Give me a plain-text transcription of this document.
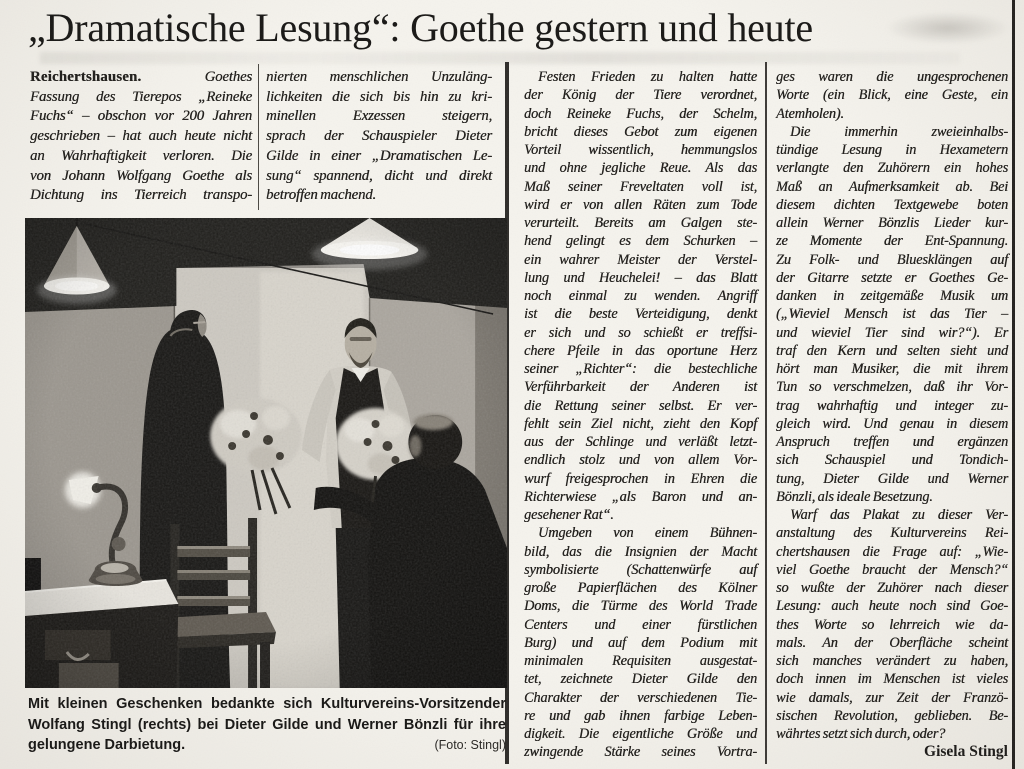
„Dramatische Lesung“: Goethe gestern und heute
Reichertshausen.	Goethes
Fassung des Tierepos „Reineke
Fuchs“ – obschon vor 200 Jahren
geschrieben – hat auch heute nicht
an Wahrhaftigkeit verloren. Die
von Johann Wolfgang Goethe als
Dichtung ins Tierreich transpo-
nierten menschlichen Unzuläng-
lichkeiten die sich bis hin zu kri-
minellen Exzessen steigern,
sprach der Schauspieler Dieter
Gilde in einer „Dramatischen Le-
sung“ spannend, dicht und direkt
betroffen machend.
Festen Frieden zu halten hatte
der König der Tiere verordnet,
doch Reineke Fuchs, der Schelm,
bricht dieses Gebot zum eigenen
Vorteil wissentlich, hemmungslos
und ohne jegliche Reue. Als das
Maß seiner Freveltaten voll ist,
wird er von allen Räten zum Tode
verurteilt. Bereits am Galgen ste-
hend gelingt es dem Schurken –
ein wahrer Meister der Verstel-
lung und Heuchelei! – das Blatt
noch einmal zu wenden. Angriff
ist die beste Verteidigung, denkt
er sich und so schießt er treffsi-
chere Pfeile in das oportune Herz
seiner „Richter“: die bestechliche
Verführbarkeit der Anderen ist
die Rettung seiner selbst. Er ver-
fehlt sein Ziel nicht, zieht den Kopf
aus der Schlinge und verläßt letzt-
endlich stolz und von allem Vor-
wurf freigesprochen in Ehren die
Richterwiese „als Baron und an-
gesehener Rat“.
Umgeben von einem Bühnen-
bild, das die Insignien der Macht
symbolisierte (Schattenwürfe auf
große Papierflächen des Kölner
Doms, die Türme des World Trade
Centers und einer fürstlichen
Burg) und auf dem Podium mit
minimalen Requisiten ausgestat-
tet, zeichnete Dieter Gilde den
Charakter der verschiedenen Tie-
re und gab ihnen farbige Leben-
digkeit. Die eigentliche Größe und
zwingende Stärke seines Vortra-
ges waren die ungesprochenen
Worte (ein Blick, eine Geste, ein
Atemholen).
Die immerhin zweieinhalbs-
tündige Lesung in Hexametern
verlangte den Zuhörern ein hohes
Maß an Aufmerksamkeit ab. Bei
diesem dichten Textgewebe boten
allein Werner Bönzlis Lieder kur-
ze Momente der Ent-Spannung.
Zu Folk- und Bluesklängen auf
der Gitarre setzte er Goethes Ge-
danken in zeitgemäße Musik um
(„Wieviel Mensch ist das Tier –
und wieviel Tier sind wir?“). Er
traf den Kern und selten sieht und
hört man Musiker, die mit ihrem
Tun so verschmelzen, daß ihr Vor-
trag wahrhaftig und integer zu-
gleich wird. Und genau in diesem
Anspruch treffen und ergänzen
sich Schauspiel und Tondich-
tung, Dieter Gilde und Werner
Bönzli, als ideale Besetzung.
Warf das Plakat zu dieser Ver-
anstaltung des Kulturvereins Rei-
chertshausen die Frage auf: „Wie-
viel Goethe braucht der Mensch?“
so wußte der Zuhörer nach dieser
Lesung: auch heute noch sind Goe-
thes Worte so lehrreich wie da-
mals. An der Oberfläche scheint
sich manches verändert zu haben,
doch innen im Menschen ist vieles
wie damals, zur Zeit der Franzö-
sischen Revolution, geblieben. Be-
währtes setzt sich durch, oder?
Mit kleinen Geschenken bedankte sich Kulturvereins-Vorsitzender
Wolfang Stingl (rechts) bei Dieter Gilde und Werner Bönzli für ihre
gelungene Darbietung.	(Foto: Stingl)	Gisela Stingl
